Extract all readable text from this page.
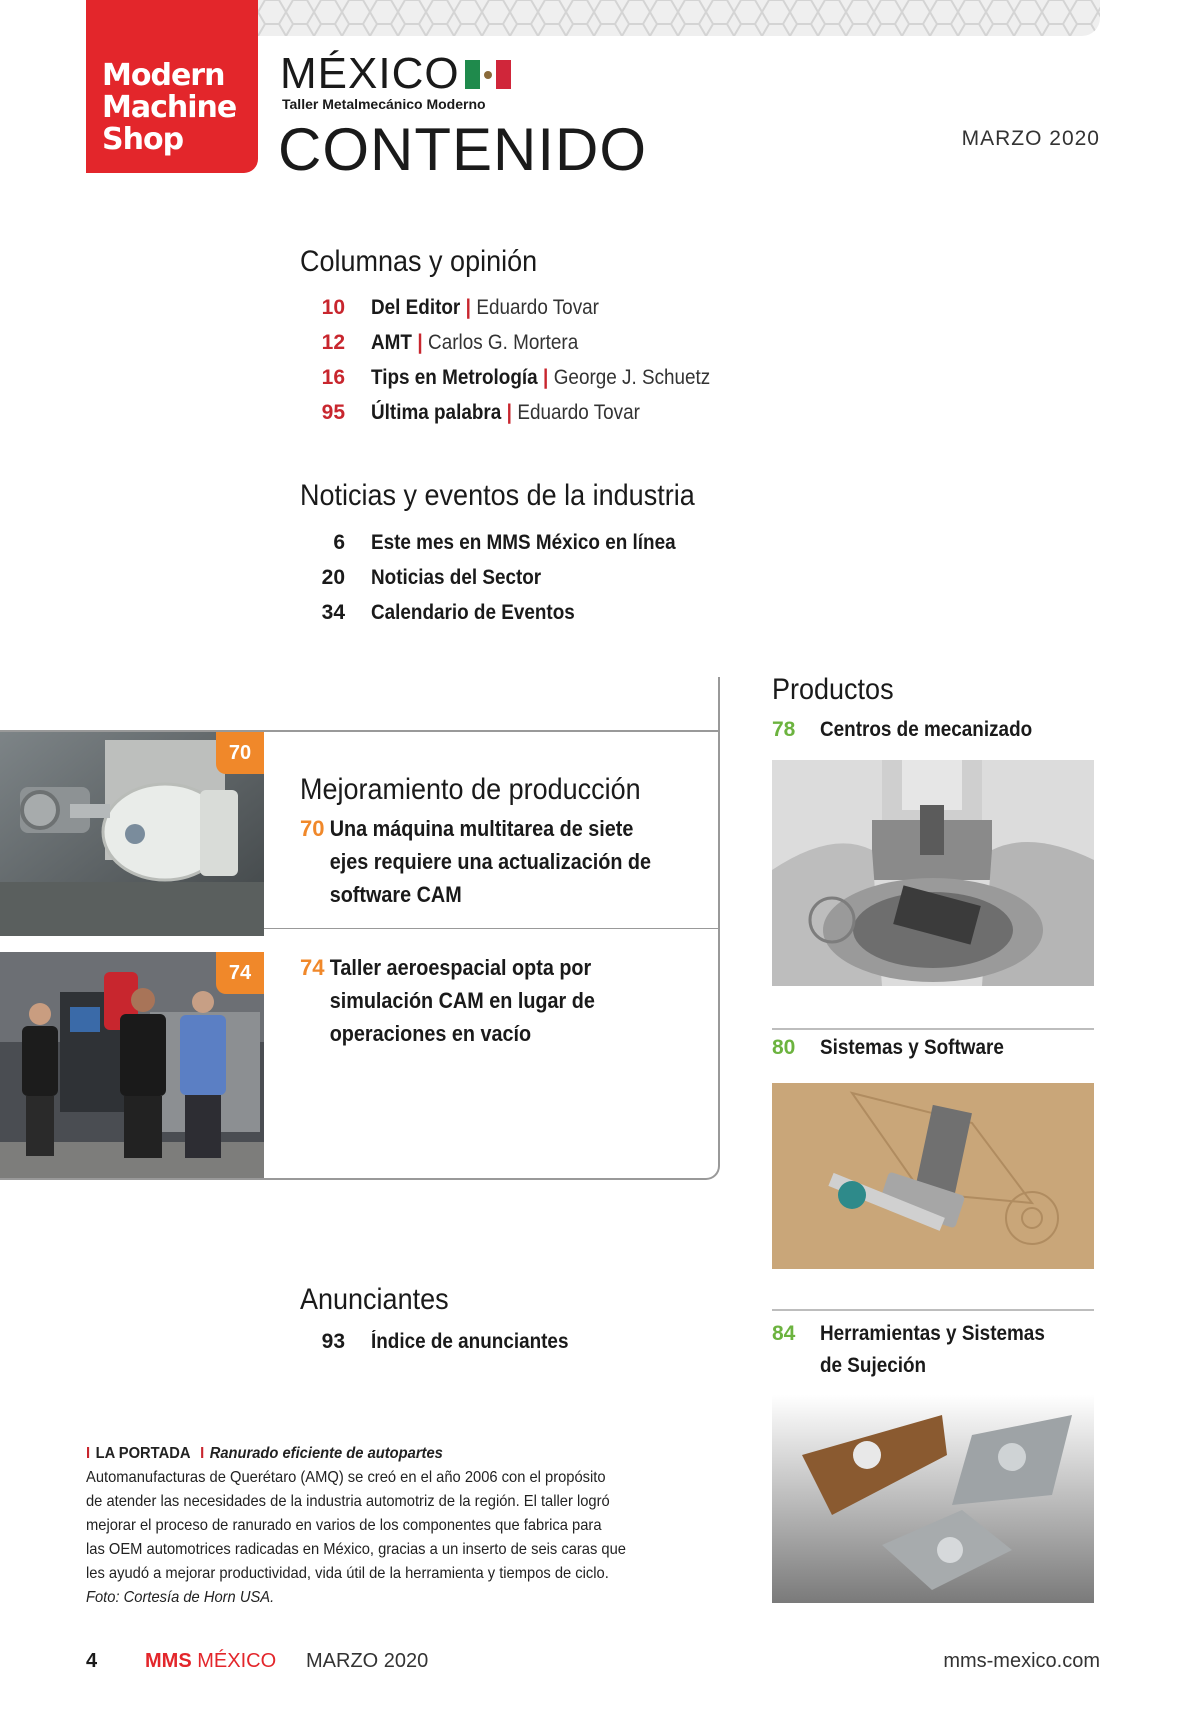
Modern
Machine
Shop
MÉXICO
Taller Metalmecánico Moderno
CONTENIDO	MARZO 2020
Columnas y opinión
10 Del Editor | Eduardo Tovar
12 AMT | Carlos G. Mortera
16 Tips en Metrología | George J. Schuetz
95 Última palabra | Eduardo Tovar
Noticias y eventos de la industria
6 Este mes en MMS México en línea
20 Noticias del Sector
34 Calendario de Eventos
70
74
Mejoramiento de producción
70 Una máquina multitarea de siete ejes requiere una actualización de software CAM
74 Taller aeroespacial opta por simulación CAM en lugar de operaciones en vacío
Productos
78 Centros de mecanizado
80 Sistemas y Software
84 Herramientas y Sistemas de Sujeción
Anunciantes
93 Índice de anunciantes

I LA PORTADA I Ranurado eficiente de autopartes

Automanufacturas de Querétaro (AMQ) se creó en el año 2006 con el propósito

de atender las necesidades de la industria automotriz de la región. El taller logró

mejorar el proceso de ranurado en varios de los componentes que fabrica para

las OEM automotrices radicadas en México, gracias a un inserto de seis caras que

les ayudó a mejorar productividad, vida útil de la herramienta y tiempos de ciclo.

Foto: Cortesía de Horn USA.

4 MMS MÉXICO MARZO 2020	mms-mexico.com
